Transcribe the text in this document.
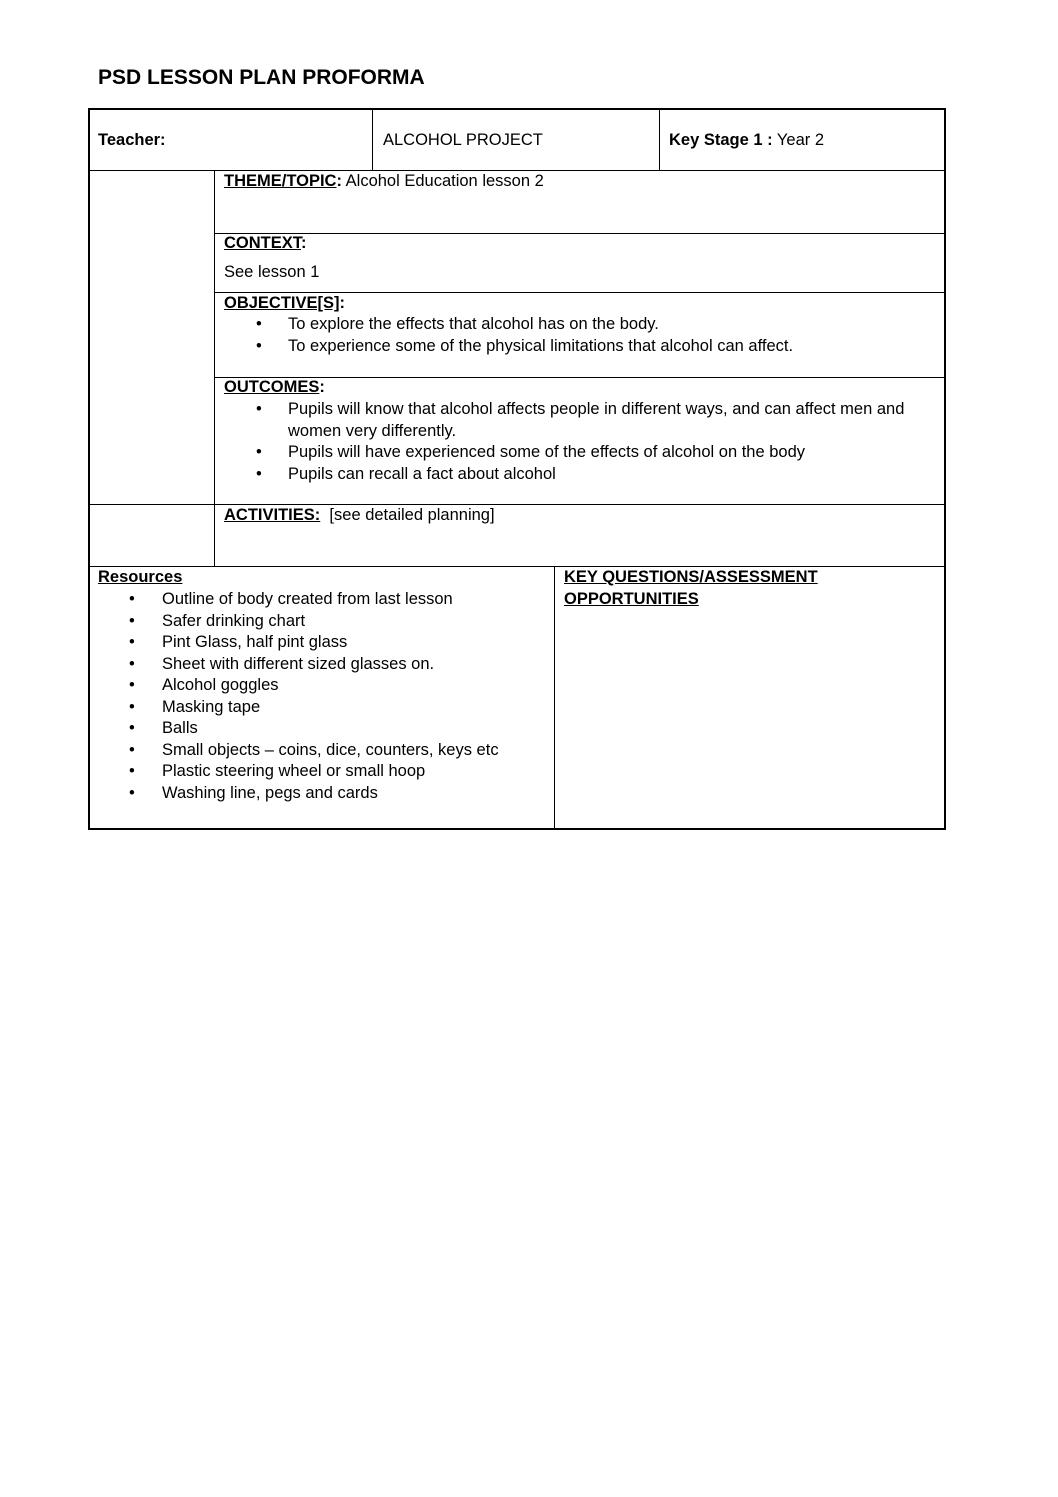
PSD LESSON PLAN PROFORMA
Teacher:	ALCOHOL PROJECT	Key Stage 1 : Year 2
THEME/TOPIC: Alcohol Education lesson 2
CONTEXT:
See lesson 1
OBJECTIVE[S]:
• To explore the effects that alcohol has on the body.
• To experience some of the physical limitations that alcohol can affect.
OUTCOMES:
• Pupils will know that alcohol affects people in different ways, and can affect men and women very differently.
• Pupils will have experienced some of the effects of alcohol on the body
• Pupils can recall a fact about alcohol
ACTIVITIES:  [see detailed planning]
Resources
• Outline of body created from last lesson
• Safer drinking chart
• Pint Glass, half pint glass
• Sheet with different sized glasses on.
• Alcohol goggles
• Masking tape
• Balls
• Small objects – coins, dice, counters, keys etc
• Plastic steering wheel or small hoop
• Washing line, pegs and cards
KEY QUESTIONS/ASSESSMENT
OPPORTUNITIES
